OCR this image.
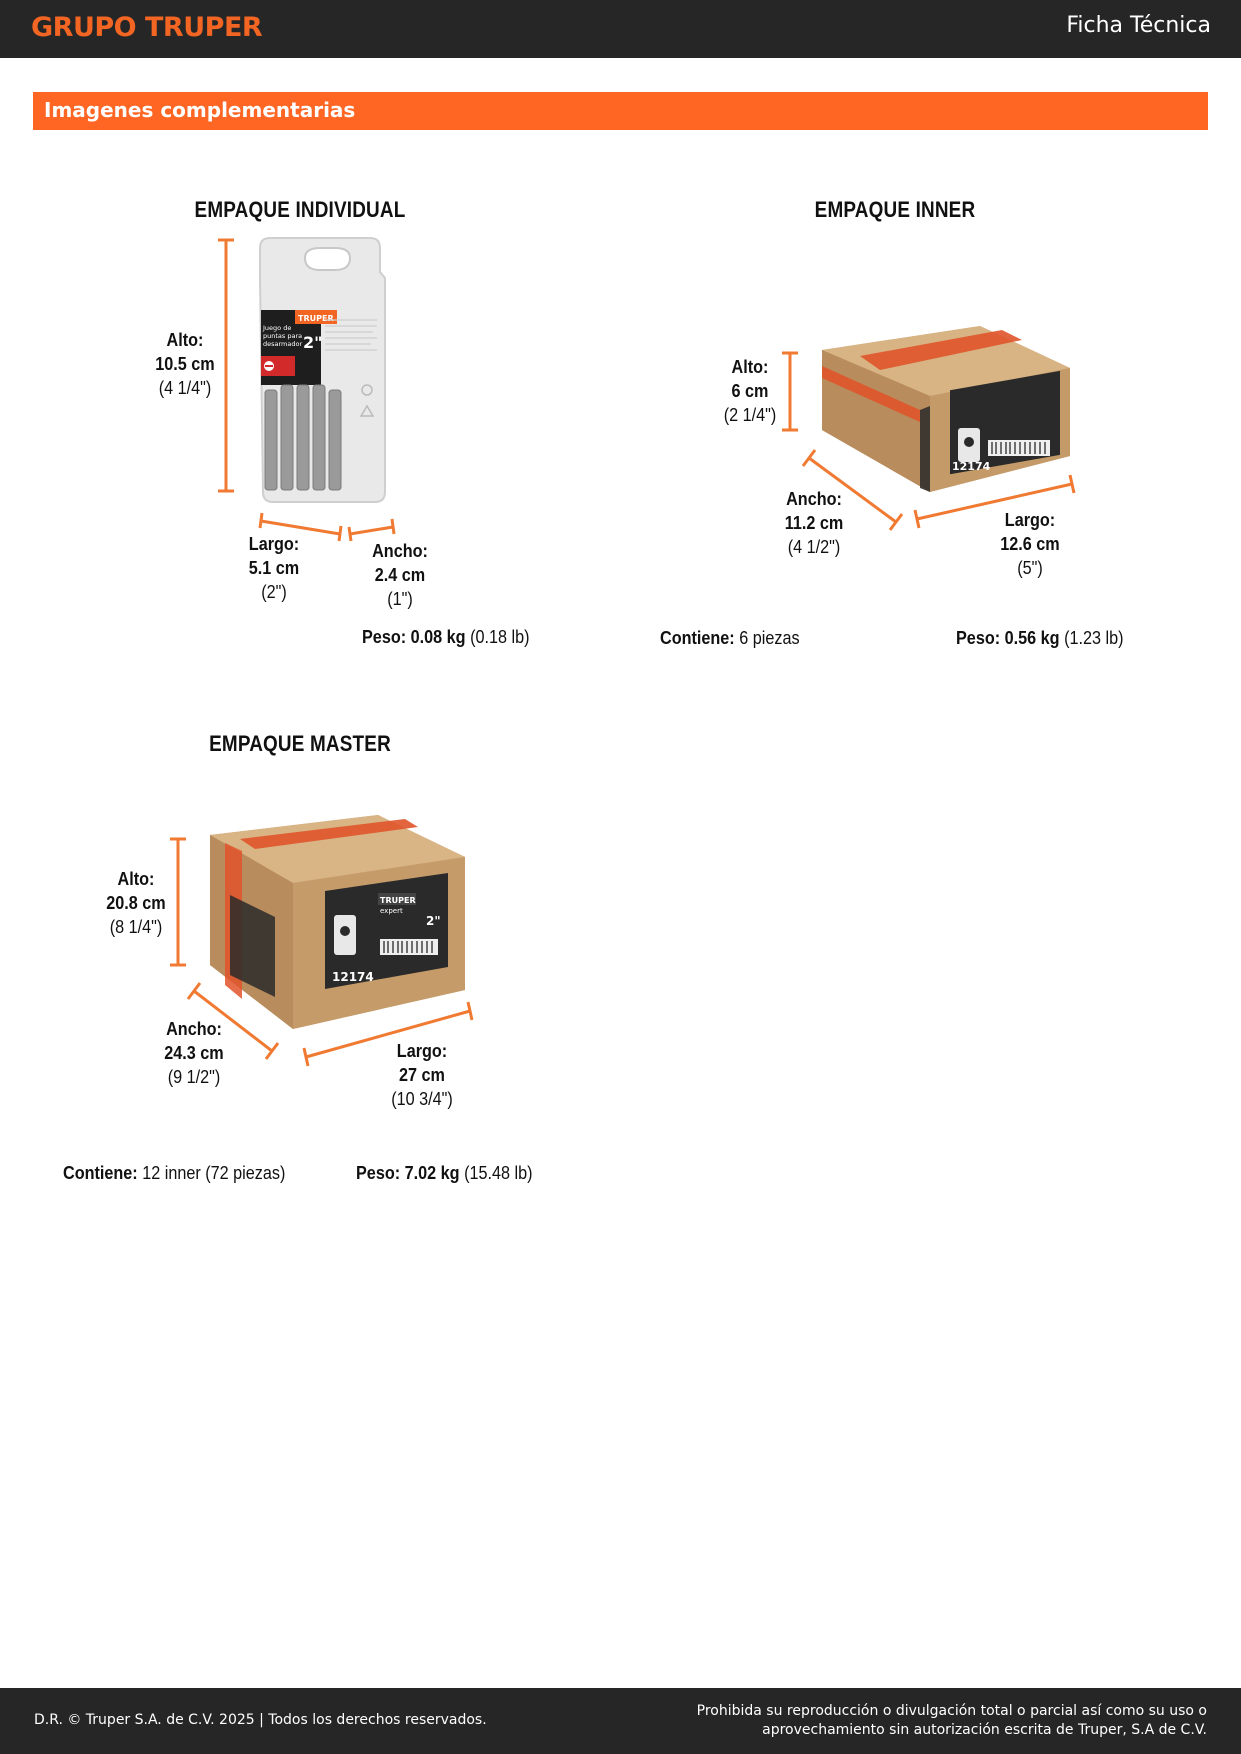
GRUPO TRUPER	Ficha Técnica
Imagenes complementarias
EMPAQUE INDIVIDUAL
TRUPER
Juego de
puntas para
desarmador 2"
Alto:
10.5 cm
(4 1/4")
Largo:
5.1 cm
(2")
Ancho:
2.4 cm
(1")
Peso: 0.08 kg (0.18 lb)
EMPAQUE INNER
12174
Alto:
6 cm
(2 1/4")
Ancho:
11.2 cm
(4 1/2")
Largo:
12.6 cm
(5")
Contiene: 6 piezas	Peso: 0.56 kg (1.23 lb)
EMPAQUE MASTER
TRUPER
expert
2"
12174
Alto:
20.8 cm
(8 1/4")
Ancho:
24.3 cm
(9 1/2")
Largo:
27 cm
(10 3/4")
Contiene: 12 inner (72 piezas)	Peso: 7.02 kg (15.48 lb)
D.R. © Truper S.A. de C.V. 2025 | Todos los derechos reservados.
Prohibida su reproducción o divulgación total o parcial así como su uso o
aprovechamiento sin autorización escrita de Truper, S.A de C.V.
